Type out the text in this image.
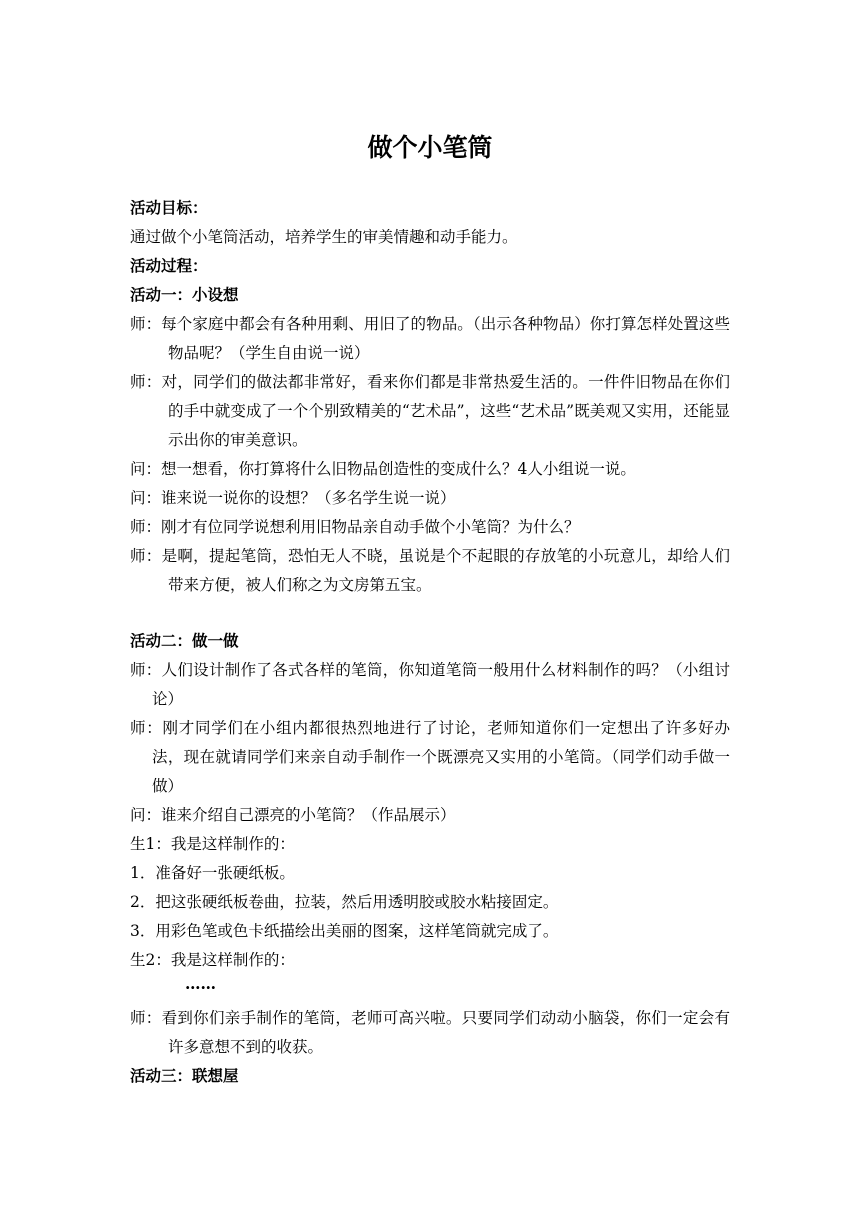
做个小笔筒
活动目标：
通过做个小笔筒活动，培养学生的审美情趣和动手能力。
活动过程：
活动一：小设想
师：每个家庭中都会有各种用剩、用旧了的物品。（出示各种物品）你打算怎样处置这些物品呢？（学生自由说一说）
师：对，同学们的做法都非常好，看来你们都是非常热爱生活的。一件件旧物品在你们的手中就变成了一个个别致精美的“艺术品”，这些“艺术品”既美观又实用，还能显示出你的审美意识。
问：想一想看，你打算将什么旧物品创造性的变成什么？4人小组说一说。
问：谁来说一说你的设想？（多名学生说一说）
师：刚才有位同学说想利用旧物品亲自动手做个小笔筒？为什么？
师：是啊，提起笔筒，恐怕无人不晓，虽说是个不起眼的存放笔的小玩意儿，却给人们带来方便，被人们称之为文房第五宝。
活动二：做一做
师：人们设计制作了各式各样的笔筒，你知道笔筒一般用什么材料制作的吗？（小组讨论）
师：刚才同学们在小组内都很热烈地进行了讨论，老师知道你们一定想出了许多好办法，现在就请同学们来亲自动手制作一个既漂亮又实用的小笔筒。（同学们动手做一做）
问：谁来介绍自己漂亮的小笔筒？（作品展示）
生1：我是这样制作的：
1．准备好一张硬纸板。
2．把这张硬纸板卷曲，拉装，然后用透明胶或胶水粘接固定。
3．用彩色笔或色卡纸描绘出美丽的图案，这样笔筒就完成了。
生2：我是这样制作的：
……
师：看到你们亲手制作的笔筒，老师可高兴啦。只要同学们动动小脑袋，你们一定会有许多意想不到的收获。
活动三：联想屋
